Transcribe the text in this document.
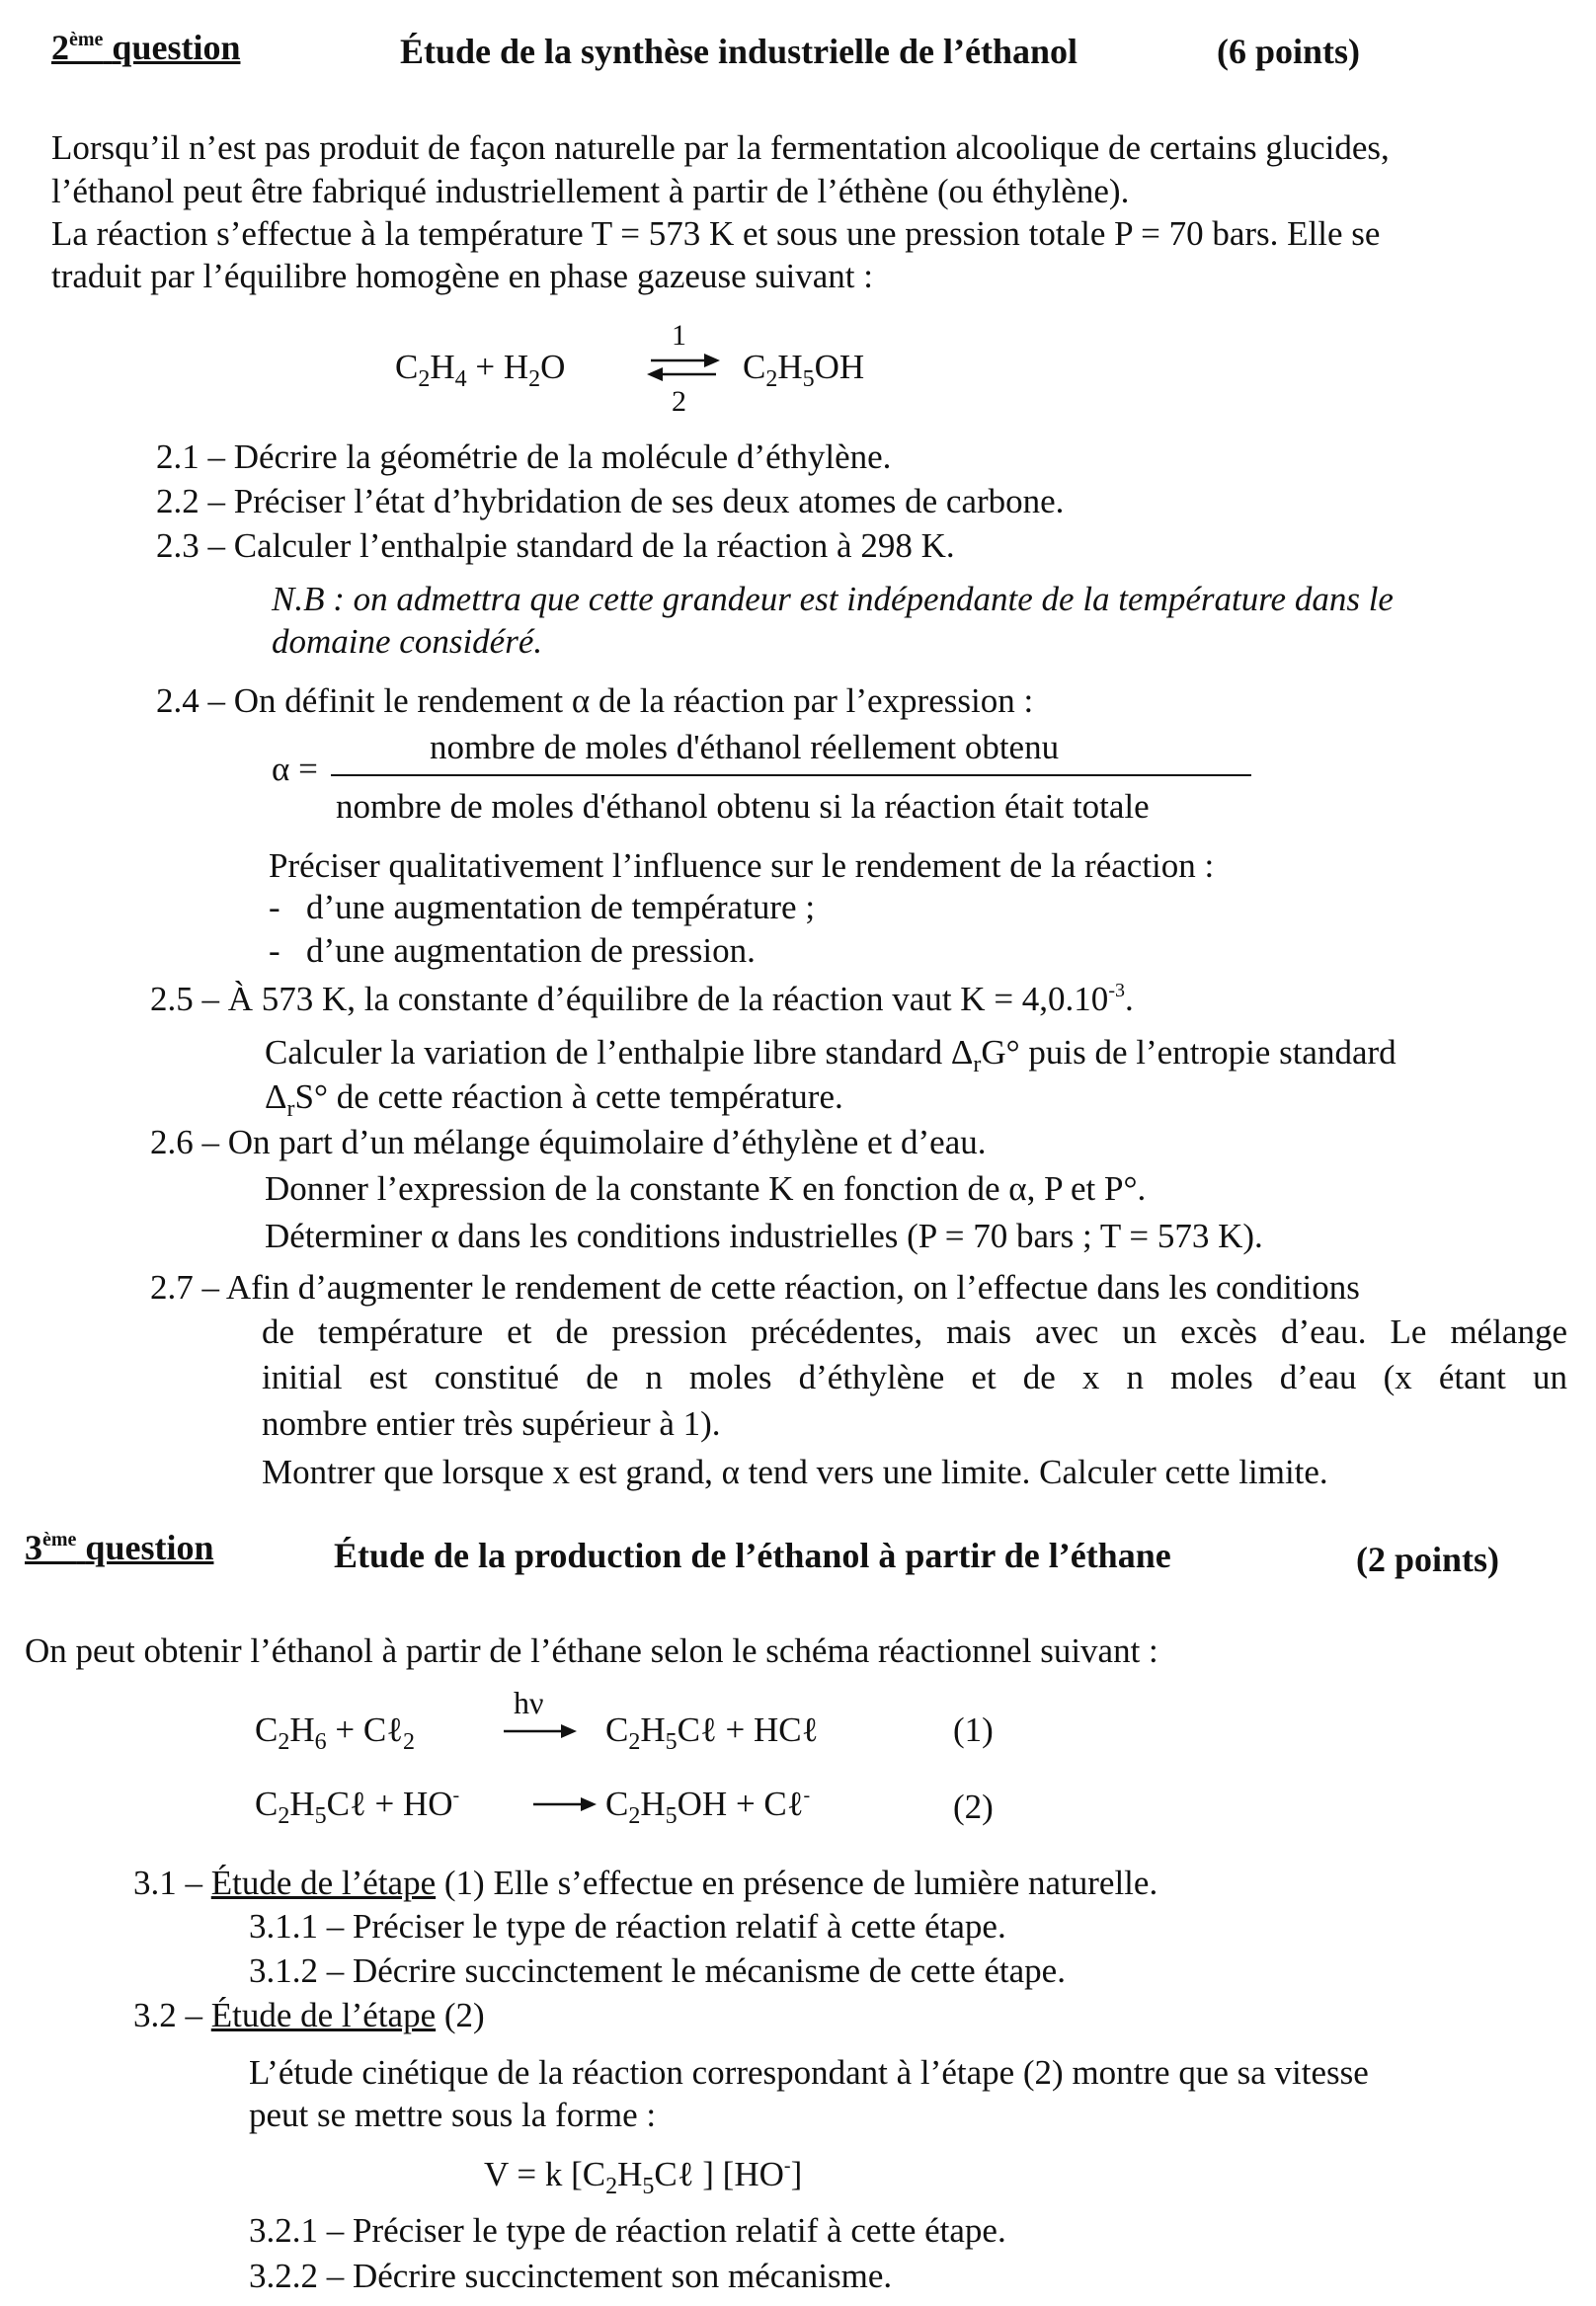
2ème question	Étude de la synthèse industrielle de l’éthanol	(6 points)
Lorsqu’il n’est pas produit de façon naturelle par la fermentation alcoolique de certains glucides,
l’éthanol peut être fabriqué industriellement à partir de l’éthène (ou éthylène).
La réaction s’effectue à la température T = 573 K et sous une pression totale P = 70 bars. Elle se
traduit par l’équilibre homogène en phase gazeuse suivant :
$C_2H_4 + H_2O$
1
2
$C_2H_5OH$
2.1 – Décrire la géométrie de la molécule d’éthylène.
2.2 – Préciser l’état d’hybridation de ses deux atomes de carbone.
2.3 – Calculer l’enthalpie standard de la réaction à 298 K.
N.B : on admettra que cette grandeur est indépendante de la température dans le
domaine considéré.
2.4 – On définit le rendement α de la réaction par l’expression :
α =
nombre de moles d'éthanol réellement obtenu
nombre de moles d'éthanol obtenu si la réaction était totale
Préciser qualitativement l’influence sur le rendement de la réaction :
- d’une augmentation de température ;
- d’une augmentation de pression.
2.5 – À 573 K, la constante d’équilibre de la réaction vaut $K = 4,0.10^{-3}$.
Calculer la variation de l’enthalpie libre standard $\Delta_rG^\circ$ puis de l’entropie standard
$\Delta_rS^\circ$ de cette réaction à cette température.
2.6 – On part d’un mélange équimolaire d’éthylène et d’eau.
Donner l’expression de la constante K en fonction de α, P et P°.
Déterminer α dans les conditions industrielles (P = 70 bars ; T = 573 K).
2.7 – Afin d’augmenter le rendement de cette réaction, on l’effectue dans les conditions
de température et de pression précédentes, mais avec un excès d’eau. Le mélange
initial est constitué de n moles d’éthylène et de x n moles d’eau (x étant un
nombre entier très supérieur à 1).
Montrer que lorsque x est grand, α tend vers une limite. Calculer cette limite.
3ème question	Étude de la production de l’éthanol à partir de l’éthane	(2 points)
On peut obtenir l’éthanol à partir de l’éthane selon le schéma réactionnel suivant :
$C_2H_6$ + Cℓ$_2$
hν
→ $C_2H_5C\ell$ + HCℓ	(1)
$C_2H_5C\ell + HO^- \to C_2H_5OH$ + Cℓ-	(2)
3.1 – Étude de l’étape (1) Elle s’effectue en présence de lumière naturelle.
3.1.1 – Préciser le type de réaction relatif à cette étape.
3.1.2 – Décrire succinctement le mécanisme de cette étape.
3.2 – Étude de l’étape (2)
L’étude cinétique de la réaction correspondant à l’étape (2) montre que sa vitesse
peut se mettre sous la forme :
V = k [$C_2H_5C\ell$ ] [HO-]
3.2.1 – Préciser le type de réaction relatif à cette étape.
3.2.2 – Décrire succinctement son mécanisme.
